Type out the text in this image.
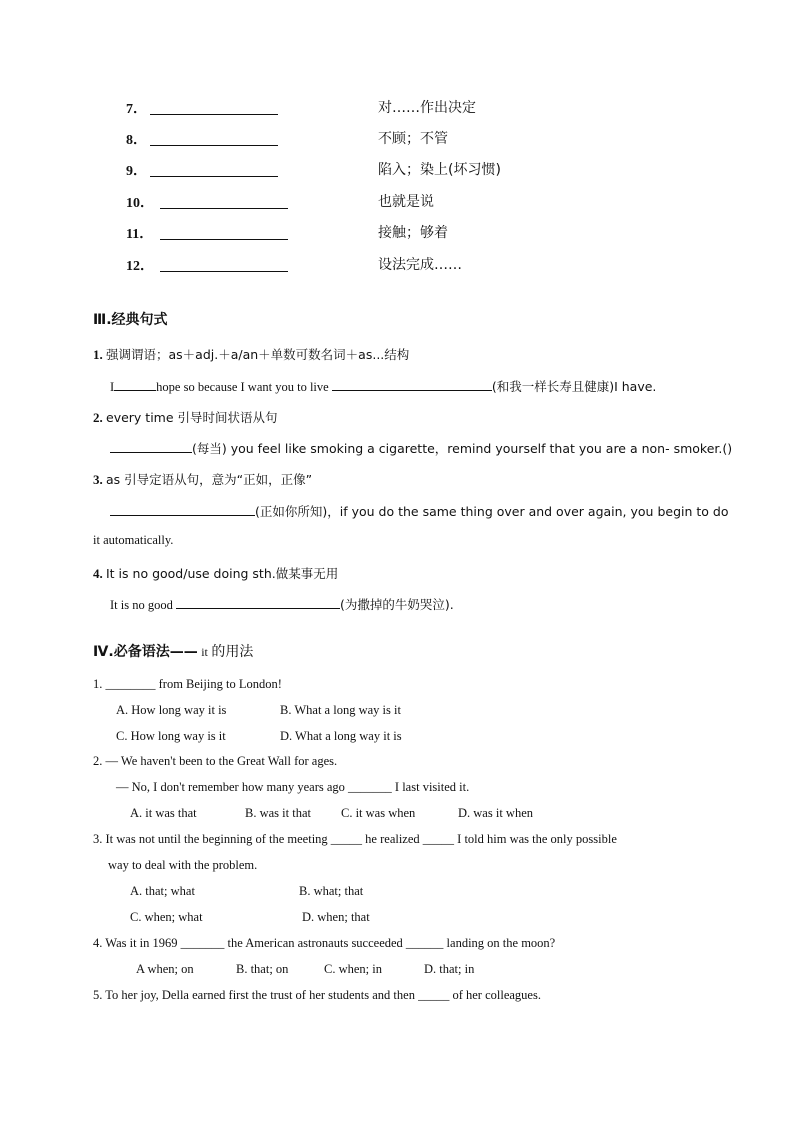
7．	对……作出决定
8．	不顾；不管
9．	陷入；染上(坏习惯)
10．	也就是说
11．	接触；够着
12．	设法完成……
Ⅲ.经典句式
1. 强调谓语；as＋adj.＋a/an＋单数可数名词＋as...结构
I	hope so because I want you to live	(和我一样长寿且健康)I have.
2. every time 引导时间状语从句
(每当) you feel like smoking a cigarette，remind yourself that you are a non- smoker.()
3. as 引导定语从句，意为“正如，正像”
(正如你所知)，if you do the same thing over and over again, you begin to do
it automatically.
4. It is no good/use doing sth.做某事无用
It is no good	(为撒掉的牛奶哭泣).
Ⅳ.必备语法—— it 的用法
1. ________ from Beijing to London!
A. How long way it is	B. What a long way is it
C. How long way is it	D. What a long way it is
2. — We haven't been to the Great Wall for ages.
— No, I don't remember how many years ago _______ I last visited it.
A. it was that	B. was it that C. it was when	D. was it when
3. It was not until the beginning of the meeting _____ he realized _____ I told him was the only possible
way to deal with the problem.
A. that; what	B. what; that
C. when; what	D. when; that
4. Was it in 1969 _______ the American astronauts succeeded ______ landing on the moon?
A when; on	B. that; on	C. when; in	D. that; in
5. To her joy, Della earned first the trust of her students and then _____ of her colleagues.
